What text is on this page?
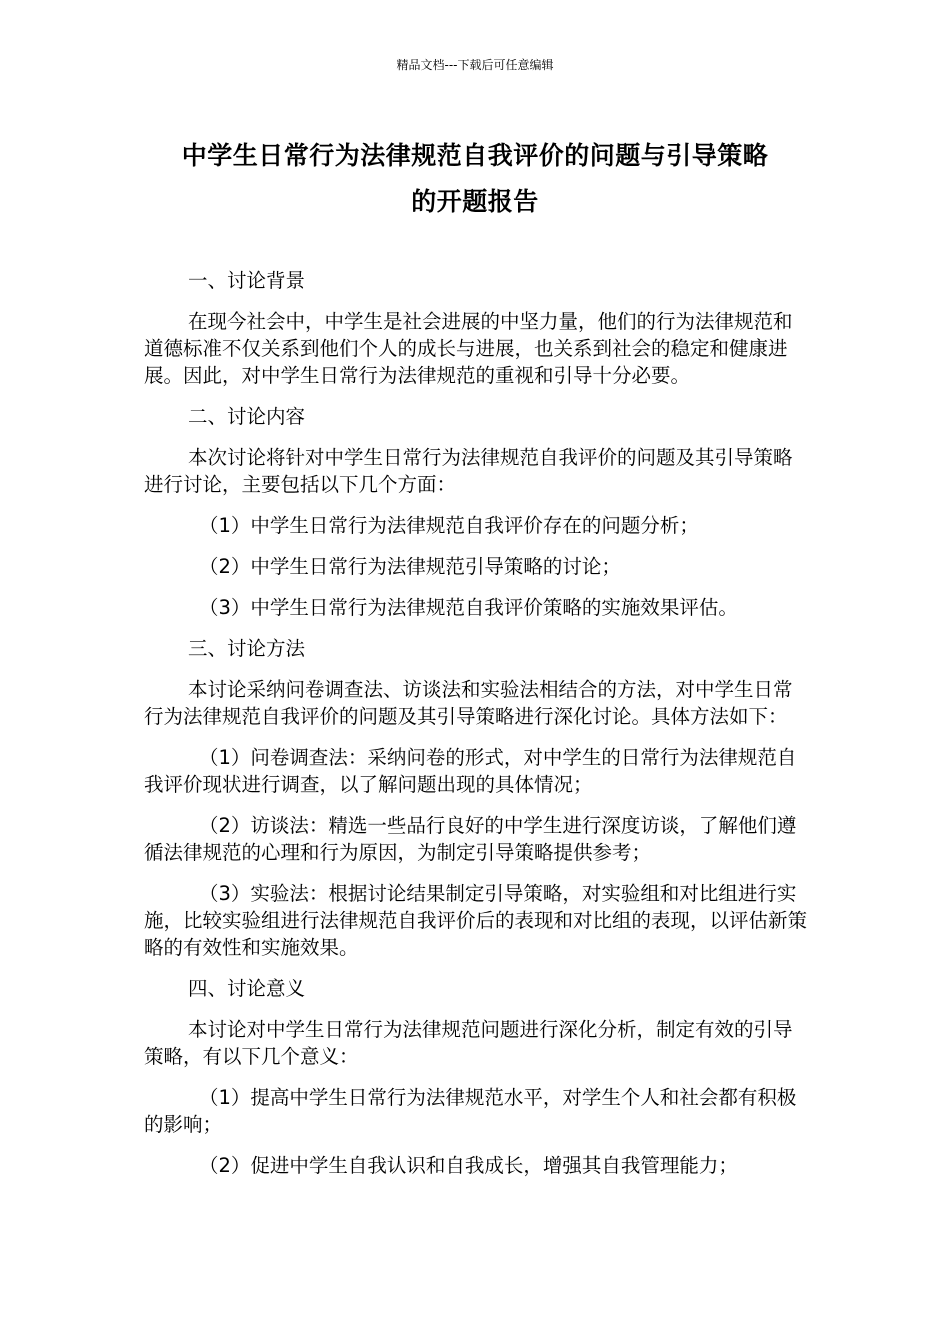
精品文档---下载后可任意编辑
中学生日常行为法律规范自我评价的问题与引导策略
的开题报告

一、讨论背景

在现今社会中，中学生是社会进展的中坚力量，他们的行为法律规范和道德标准不仅关系到他们个人的成长与进展，也关系到社会的稳定和健康进展。因此，对中学生日常行为法律规范的重视和引导十分必要。

二、讨论内容

本次讨论将针对中学生日常行为法律规范自我评价的问题及其引导策略进行讨论，主要包括以下几个方面：

（1）中学生日常行为法律规范自我评价存在的问题分析；

（2）中学生日常行为法律规范引导策略的讨论；

（3）中学生日常行为法律规范自我评价策略的实施效果评估。

三、讨论方法

本讨论采纳问卷调查法、访谈法和实验法相结合的方法，对中学生日常行为法律规范自我评价的问题及其引导策略进行深化讨论。具体方法如下：

（1）问卷调查法：采纳问卷的形式，对中学生的日常行为法律规范自我评价现状进行调查，以了解问题出现的具体情况；

（2）访谈法：精选一些品行良好的中学生进行深度访谈，了解他们遵循法律规范的心理和行为原因，为制定引导策略提供参考；

（3）实验法：根据讨论结果制定引导策略，对实验组和对比组进行实施，比较实验组进行法律规范自我评价后的表现和对比组的表现，以评估新策略的有效性和实施效果。

四、讨论意义

本讨论对中学生日常行为法律规范问题进行深化分析，制定有效的引导策略，有以下几个意义：

（1）提高中学生日常行为法律规范水平，对学生个人和社会都有积极的影响；

（2）促进中学生自我认识和自我成长，增强其自我管理能力；
